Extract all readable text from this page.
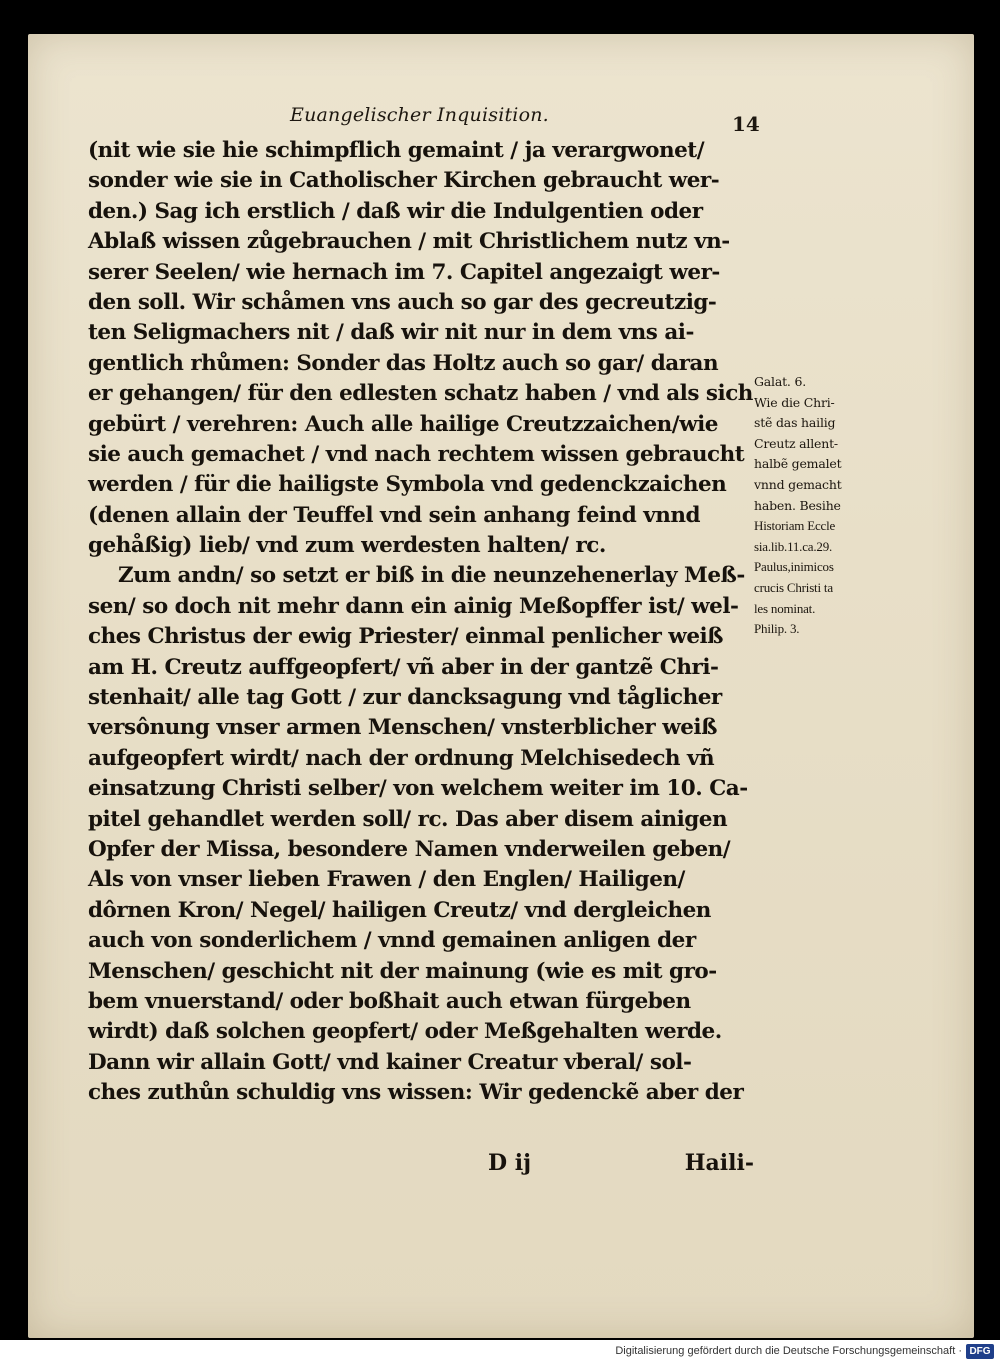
Euangelischer Inquisition.	14
(nit wie sie hie schimpflich gemaint / ja verargwonet/
sonder wie sie in Catholischer Kirchen gebraucht wer-
den.) Sag ich erstlich / daß wir die Indulgentien oder
Ablaß wissen zůgebrauchen / mit Christlichem nutz vn-
serer Seelen/ wie hernach im 7. Capitel angezaigt wer-
den soll. Wir schåmen vns auch so gar des gecreutzig-
ten Seligmachers nit / daß wir nit nur in dem vns ai-
gentlich rhůmen: Sonder das Holtz auch so gar/ daran
er gehangen/ für den edlesten schatz haben / vnd als sich
gebürt / verehren: Auch alle hailige Creutzzaichen/wie
sie auch gemachet / vnd nach rechtem wissen gebraucht
werden / für die hailigste Symbola vnd gedenckzaichen
(denen allain der Teuffel vnd sein anhang feind vnnd
gehåßig) lieb/ vnd zum werdesten halten/ rc.
Zum andn/ so setzt er biß in die neunzehenerlay Meß-
sen/ so doch nit mehr dann ein ainig Meßopffer ist/ wel-
ches Christus der ewig Priester/ einmal penlicher weiß
am H. Creutz auffgeopfert/ vñ aber in der gantzẽ Chri-
stenhait/ alle tag Gott / zur dancksagung vnd tåglicher
versônung vnser armen Menschen/ vnsterblicher weiß
aufgeopfert wirdt/ nach der ordnung Melchisedech vñ
einsatzung Christi selber/ von welchem weiter im 10. Ca-
pitel gehandlet werden soll/ rc. Das aber disem ainigen
Opfer der Missa, besondere Namen vnderweilen geben/
Als von vnser lieben Frawen / den Englen/ Hailigen/
dôrnen Kron/ Negel/ hailigen Creutz/ vnd dergleichen
auch von sonderlichem / vnnd gemainen anligen der
Menschen/ geschicht nit der mainung (wie es mit gro-
bem vnuerstand/ oder boßhait auch etwan fürgeben
wirdt) daß solchen geopfert/ oder Meßgehalten werde.
Dann wir allain Gott/ vnd kainer Creatur vberal/ sol-
ches zuthůn schuldig vns wissen: Wir gedenckẽ aber der
Galat. 6.
Wie die Chri-
stẽ das hailig
Creutz allent-
halbẽ gemalet
vnnd gemacht
haben. Besihe
Historiam Eccle
sia.lib.11.ca.29.
Paulus,inimicos
crucis Christi ta
les nominat.
Philip. 3.
D ij	Haili-
Digitalisierung gefördert durch die Deutsche Forschungsgemeinschaft · DFG
